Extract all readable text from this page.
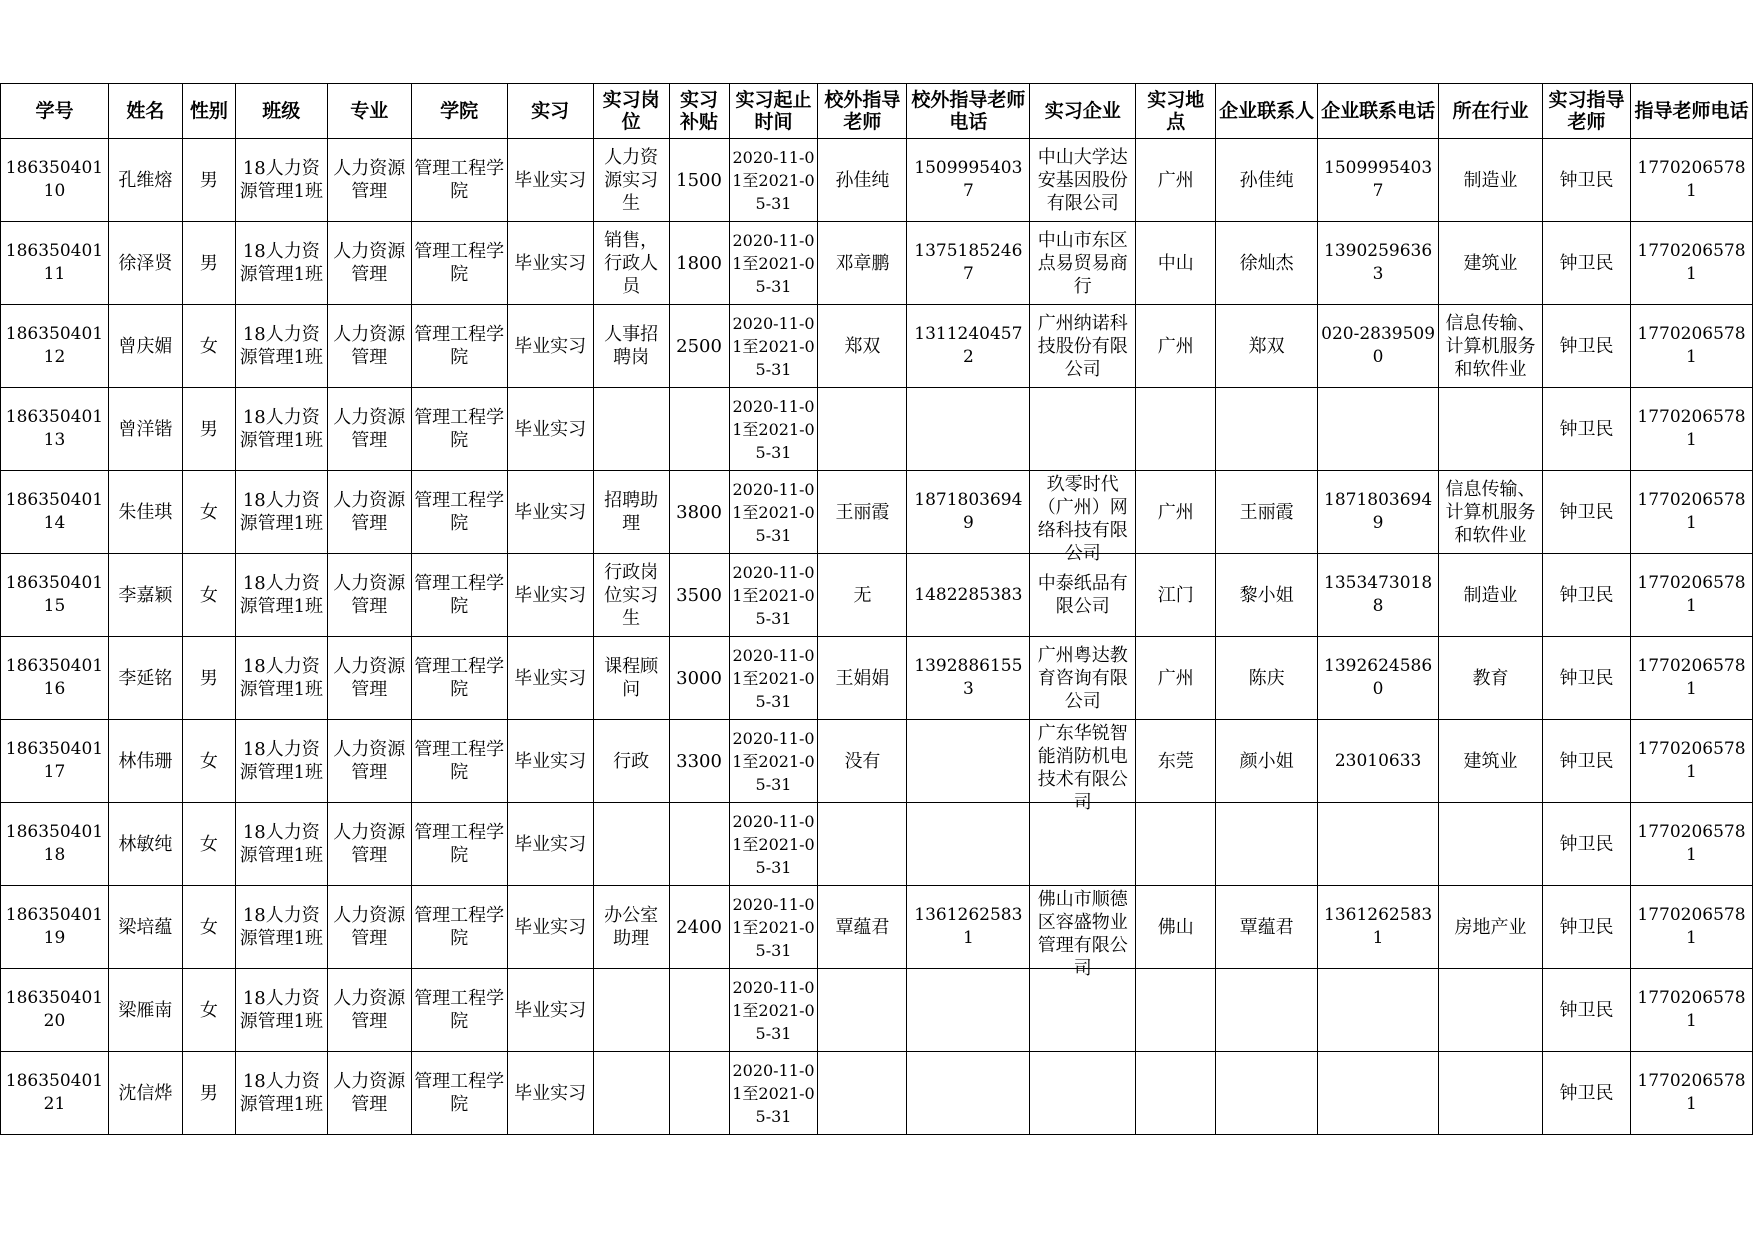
学号	姓名	性别	班级	专业	学院	实习	实习岗位	实习补贴	实习起止时间	校外指导老师	校外指导老师电话	实习企业	实习地点	企业联系人	企业联系电话	所在行业	实习指导老师	指导老师电话

18635040110	孔维熔	男	18人力资源管理1班	人力资源管理	管理工程学院	毕业实习	人力资源实习生	1500	2020-11-01至2021-05-31	孙佳纯	15099954037	中山大学达安基因股份有限公司	广州	孙佳纯	15099954037	制造业	钟卫民	17702065781

18635040111	徐泽贤	男	18人力资源管理1班	人力资源管理	管理工程学院	毕业实习	销售，行政人员	1800	2020-11-01至2021-05-31	邓章鹏	13751852467	中山市东区点易贸易商行	中山	徐灿杰	13902596363	建筑业	钟卫民	17702065781

18635040112	曾庆媚	女	18人力资源管理1班	人力资源管理	管理工程学院	毕业实习	人事招聘岗	2500	2020-11-01至2021-05-31	郑双	13112404572	广州纳诺科技股份有限公司	广州	郑双	020-28395090	信息传输、计算机服务和软件业	钟卫民	17702065781

18635040113	曾洋锴	男	18人力资源管理1班	人力资源管理	管理工程学院	毕业实习			2020-11-01至2021-05-31								钟卫民	17702065781

18635040114	朱佳琪	女	18人力资源管理1班	人力资源管理	管理工程学院	毕业实习	招聘助理	3800	2020-11-01至2021-05-31	王丽霞	18718036949	玖零时代（广州）网络科技有限公司	广州	王丽霞	18718036949	信息传输、计算机服务和软件业	钟卫民	17702065781

18635040115	李嘉颖	女	18人力资源管理1班	人力资源管理	管理工程学院	毕业实习	行政岗位实习生	3500	2020-11-01至2021-05-31	无	1482285383	中泰纸品有限公司	江门	黎小姐	13534730188	制造业	钟卫民	17702065781

18635040116	李延铭	男	18人力资源管理1班	人力资源管理	管理工程学院	毕业实习	课程顾问	3000	2020-11-01至2021-05-31	王娟娟	13928861553	广州粤达教育咨询有限公司	广州	陈庆	13926245860	教育	钟卫民	17702065781

18635040117	林伟珊	女	18人力资源管理1班	人力资源管理	管理工程学院	毕业实习	行政	3300	2020-11-01至2021-05-31	没有		广东华锐智能消防机电技术有限公司	东莞	颜小姐	23010633	建筑业	钟卫民	17702065781

18635040118	林敏纯	女	18人力资源管理1班	人力资源管理	管理工程学院	毕业实习			2020-11-01至2021-05-31								钟卫民	17702065781

18635040119	梁培蕴	女	18人力资源管理1班	人力资源管理	管理工程学院	毕业实习	办公室助理	2400	2020-11-01至2021-05-31	覃蕴君	13612625831	佛山市顺德区容盛物业管理有限公司	佛山	覃蕴君	13612625831	房地产业	钟卫民	17702065781

18635040120	梁雁南	女	18人力资源管理1班	人力资源管理	管理工程学院	毕业实习			2020-11-01至2021-05-31								钟卫民	17702065781

18635040121	沈信烨	男	18人力资源管理1班	人力资源管理	管理工程学院	毕业实习			2020-11-01至2021-05-31								钟卫民	17702065781
